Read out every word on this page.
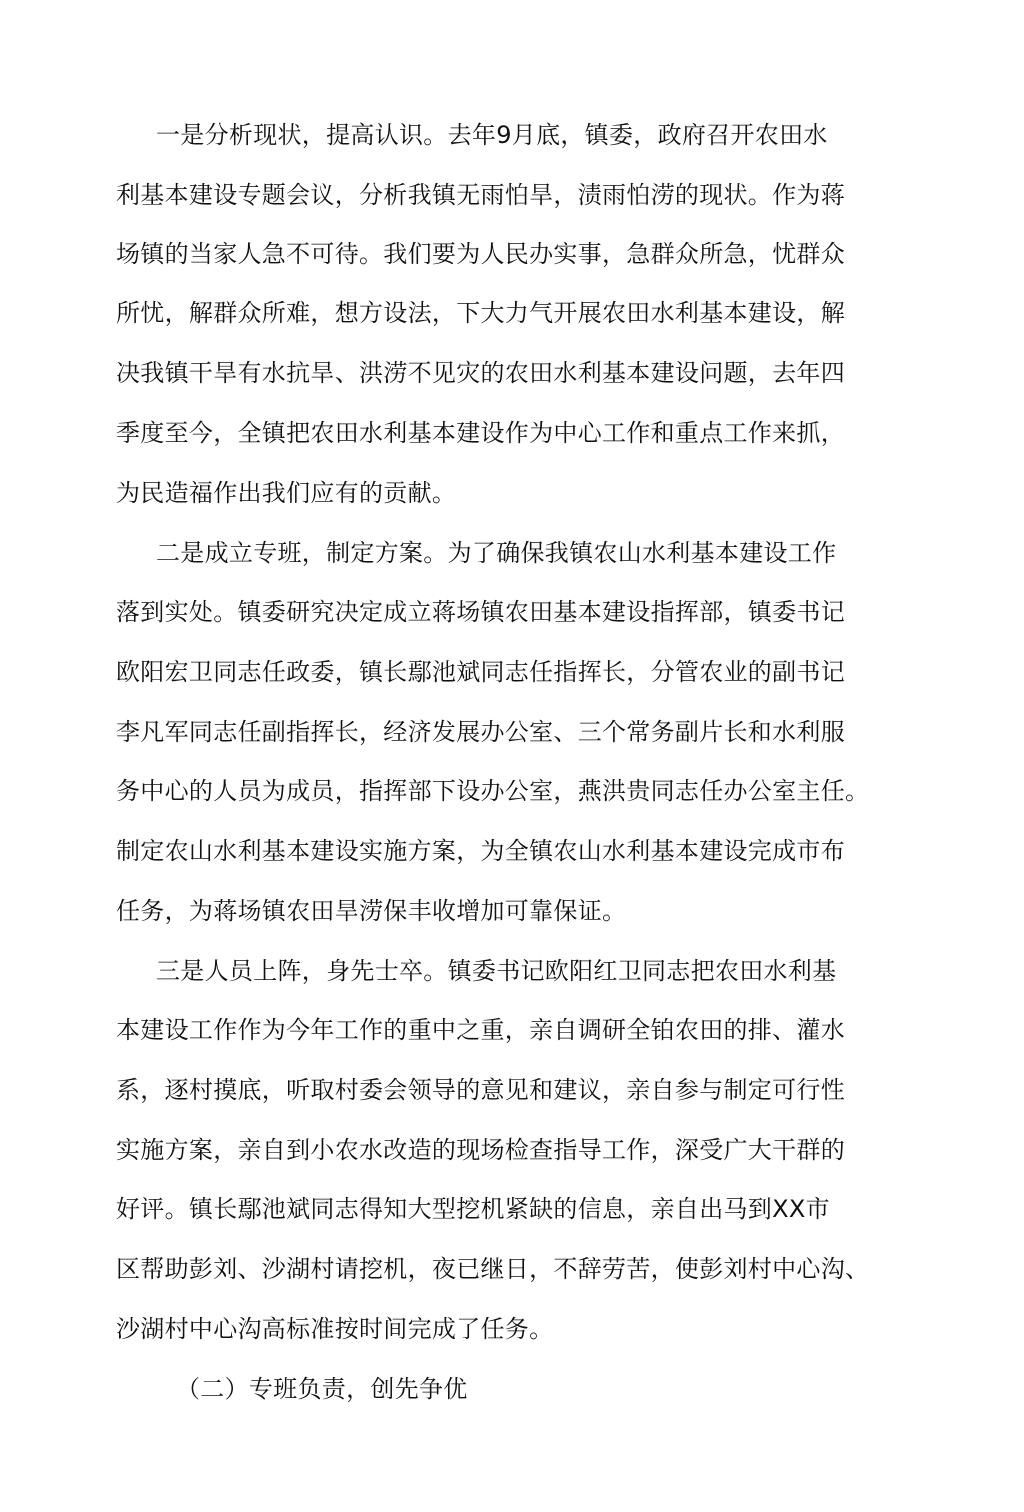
一是分析现状，提高认识。去年9月底，镇委，政府召开农田水

利基本建设专题会议，分析我镇无雨怕旱，渍雨怕涝的现状。作为蒋

场镇的当家人急不可待。我们要为人民办实事，急群众所急，忧群众

所忧，解群众所难，想方设法，下大力气开展农田水利基本建设，解

决我镇干旱有水抗旱、洪涝不见灾的农田水利基本建设问题，去年四

季度至今，全镇把农田水利基本建设作为中心工作和重点工作来抓，

为民造福作出我们应有的贡献。

二是成立专班，制定方案。为了确保我镇农山水利基本建设工作

落到实处。镇委研究决定成立蒋场镇农田基本建设指挥部，镇委书记

欧阳宏卫同志任政委，镇长鄢池斌同志任指挥长，分管农业的副书记

李凡军同志任副指挥长，经济发展办公室、三个常务副片长和水利服

务中心的人员为成员，指挥部下设办公室，燕洪贵同志任办公室主任。

制定农山水利基本建设实施方案，为全镇农山水利基本建设完成市布

任务，为蒋场镇农田旱涝保丰收增加可靠保证。

三是人员上阵，身先士卒。镇委书记欧阳红卫同志把农田水利基

本建设工作作为今年工作的重中之重，亲自调研全铂农田的排、灌水

系，逐村摸底，听取村委会领导的意见和建议，亲自参与制定可行性

实施方案，亲自到小农水改造的现场检查指导工作，深受广大干群的

好评。镇长鄢池斌同志得知大型挖机紧缺的信息，亲自出马到XX市

区帮助彭刘、沙湖村请挖机，夜已继日，不辞劳苦，使彭刘村中心沟、

沙湖村中心沟高标准按时间完成了任务。

（二）专班负责，创先争优
